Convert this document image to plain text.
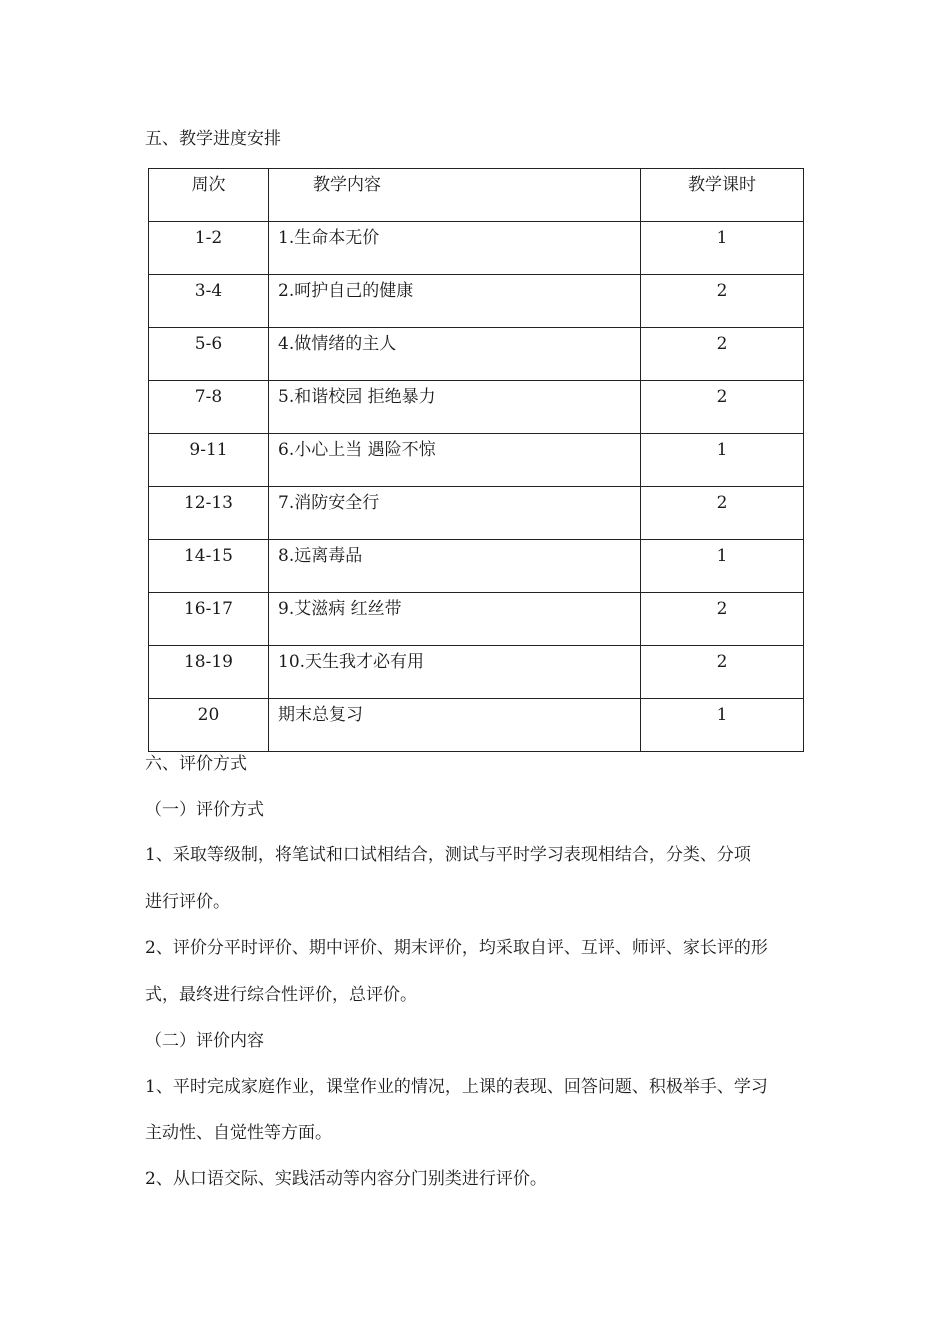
五、教学进度安排
周次	教学内容	教学课时

1-2	1.生命本无价	1

3-4	2.呵护自己的健康	2

5-6	4.做情绪的主人	2

7-8	5.和谐校园 拒绝暴力	2

9-11	6.小心上当 遇险不惊	1

12-13	7.消防安全行	2

14-15	8.远离毒品	1

16-17	9.艾滋病 红丝带	2

18-19	10.天生我才必有用	2

20	期末总复习	1
六、评价方式
（一）评价方式
1、采取等级制，将笔试和口试相结合，测试与平时学习表现相结合，分类、分项
进行评价。
2、评价分平时评价、期中评价、期末评价，均采取自评、互评、师评、家长评的形
式，最终进行综合性评价，总评价。
（二）评价内容
1、平时完成家庭作业，课堂作业的情况，上课的表现、回答问题、积极举手、学习
主动性、自觉性等方面。
2、从口语交际、实践活动等内容分门别类进行评价。
